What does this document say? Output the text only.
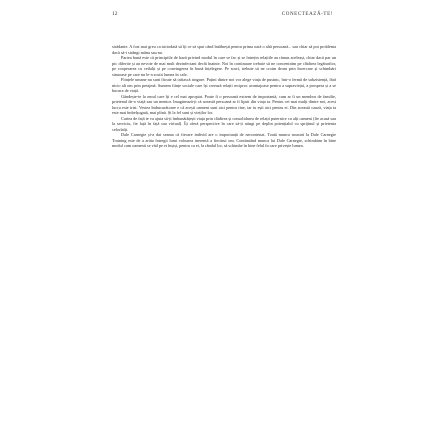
12	CONECTEAZĂ-TE!

strădanie. A fost mai greu ca niciodată să îți ce să spui când întâlnești pentru prima oară o altă persoană... sau chiar să pui problema dacă să-i strângi mâna sau nu.

Partea bună este că principiile de bază privind modul în care se fac și se întrețin relațiile au rămas aceleași, chiar dacă par un pic diferite și au nevoie de mai mult dezinfectant decât înainte. Noi în continuare trebuie să ne concentrăm pe clădirea legăturilor, pe cooperarea cu ceilalți și pe convingerea în bună înțelegere. Pe scurt, trebuie să ne croim drum prin încercare și schimbări sinuoase pe care nu le-a scutit lumea în cale.

Ființele umane nu sunt făcute să trăiască singure. Puțini dintre noi vor alege viața de pustnic, într-o fermă de subzistență, fără nicio alt om prin preajmă. Suntem ființe sociale care își creează relații reciproc avantajoase pentru a supraviețui, a prospera și a se bucura de viață.

Gândește-te la omul care îți e cel mai apropiat. Poate fi o persoană extrem de importantă, cum ar fi un membru de familie, prietenul de-o viață sau un mentor. Imaginează-ți că această persoană ar fi lipsit din viața ta. Pentru cei mai mulți dintre noi, acest lucru este trist. Vestea îmbucurătoare e că acești oameni sunt aici pentru tine, iar tu ești aici pentru ei. Din această cauză, viața ta este mai îmbelșugată, mai plină. Și la fel sunt și vieților lor.

Cartea de față te va ajuta să-ți îmbunătățești viața prin clădirea și consolidarea de relații puternice cu alți oameni (fie acasă sau la serviciu, fie față în față sau virtual). Îți oferă perspective în care să-ți atingi pe deplin potențialul cu sprijinul și prietenia celorlalți.

Dale Carnegie și-a dat seama că fiecare individ are o importanță de necontestat. Toată munca noastră la Dale Carnegie Training este de a arăta întregii lumi valoarea inerentă a fiecărui om. Continuând munca lui Dale Carnegie, schimbăm în bine modul cum oamenii se văd pe ei înșiși, pentru ca ei, la rândul lor, să schimbe în bine felul în care privește lumea.
